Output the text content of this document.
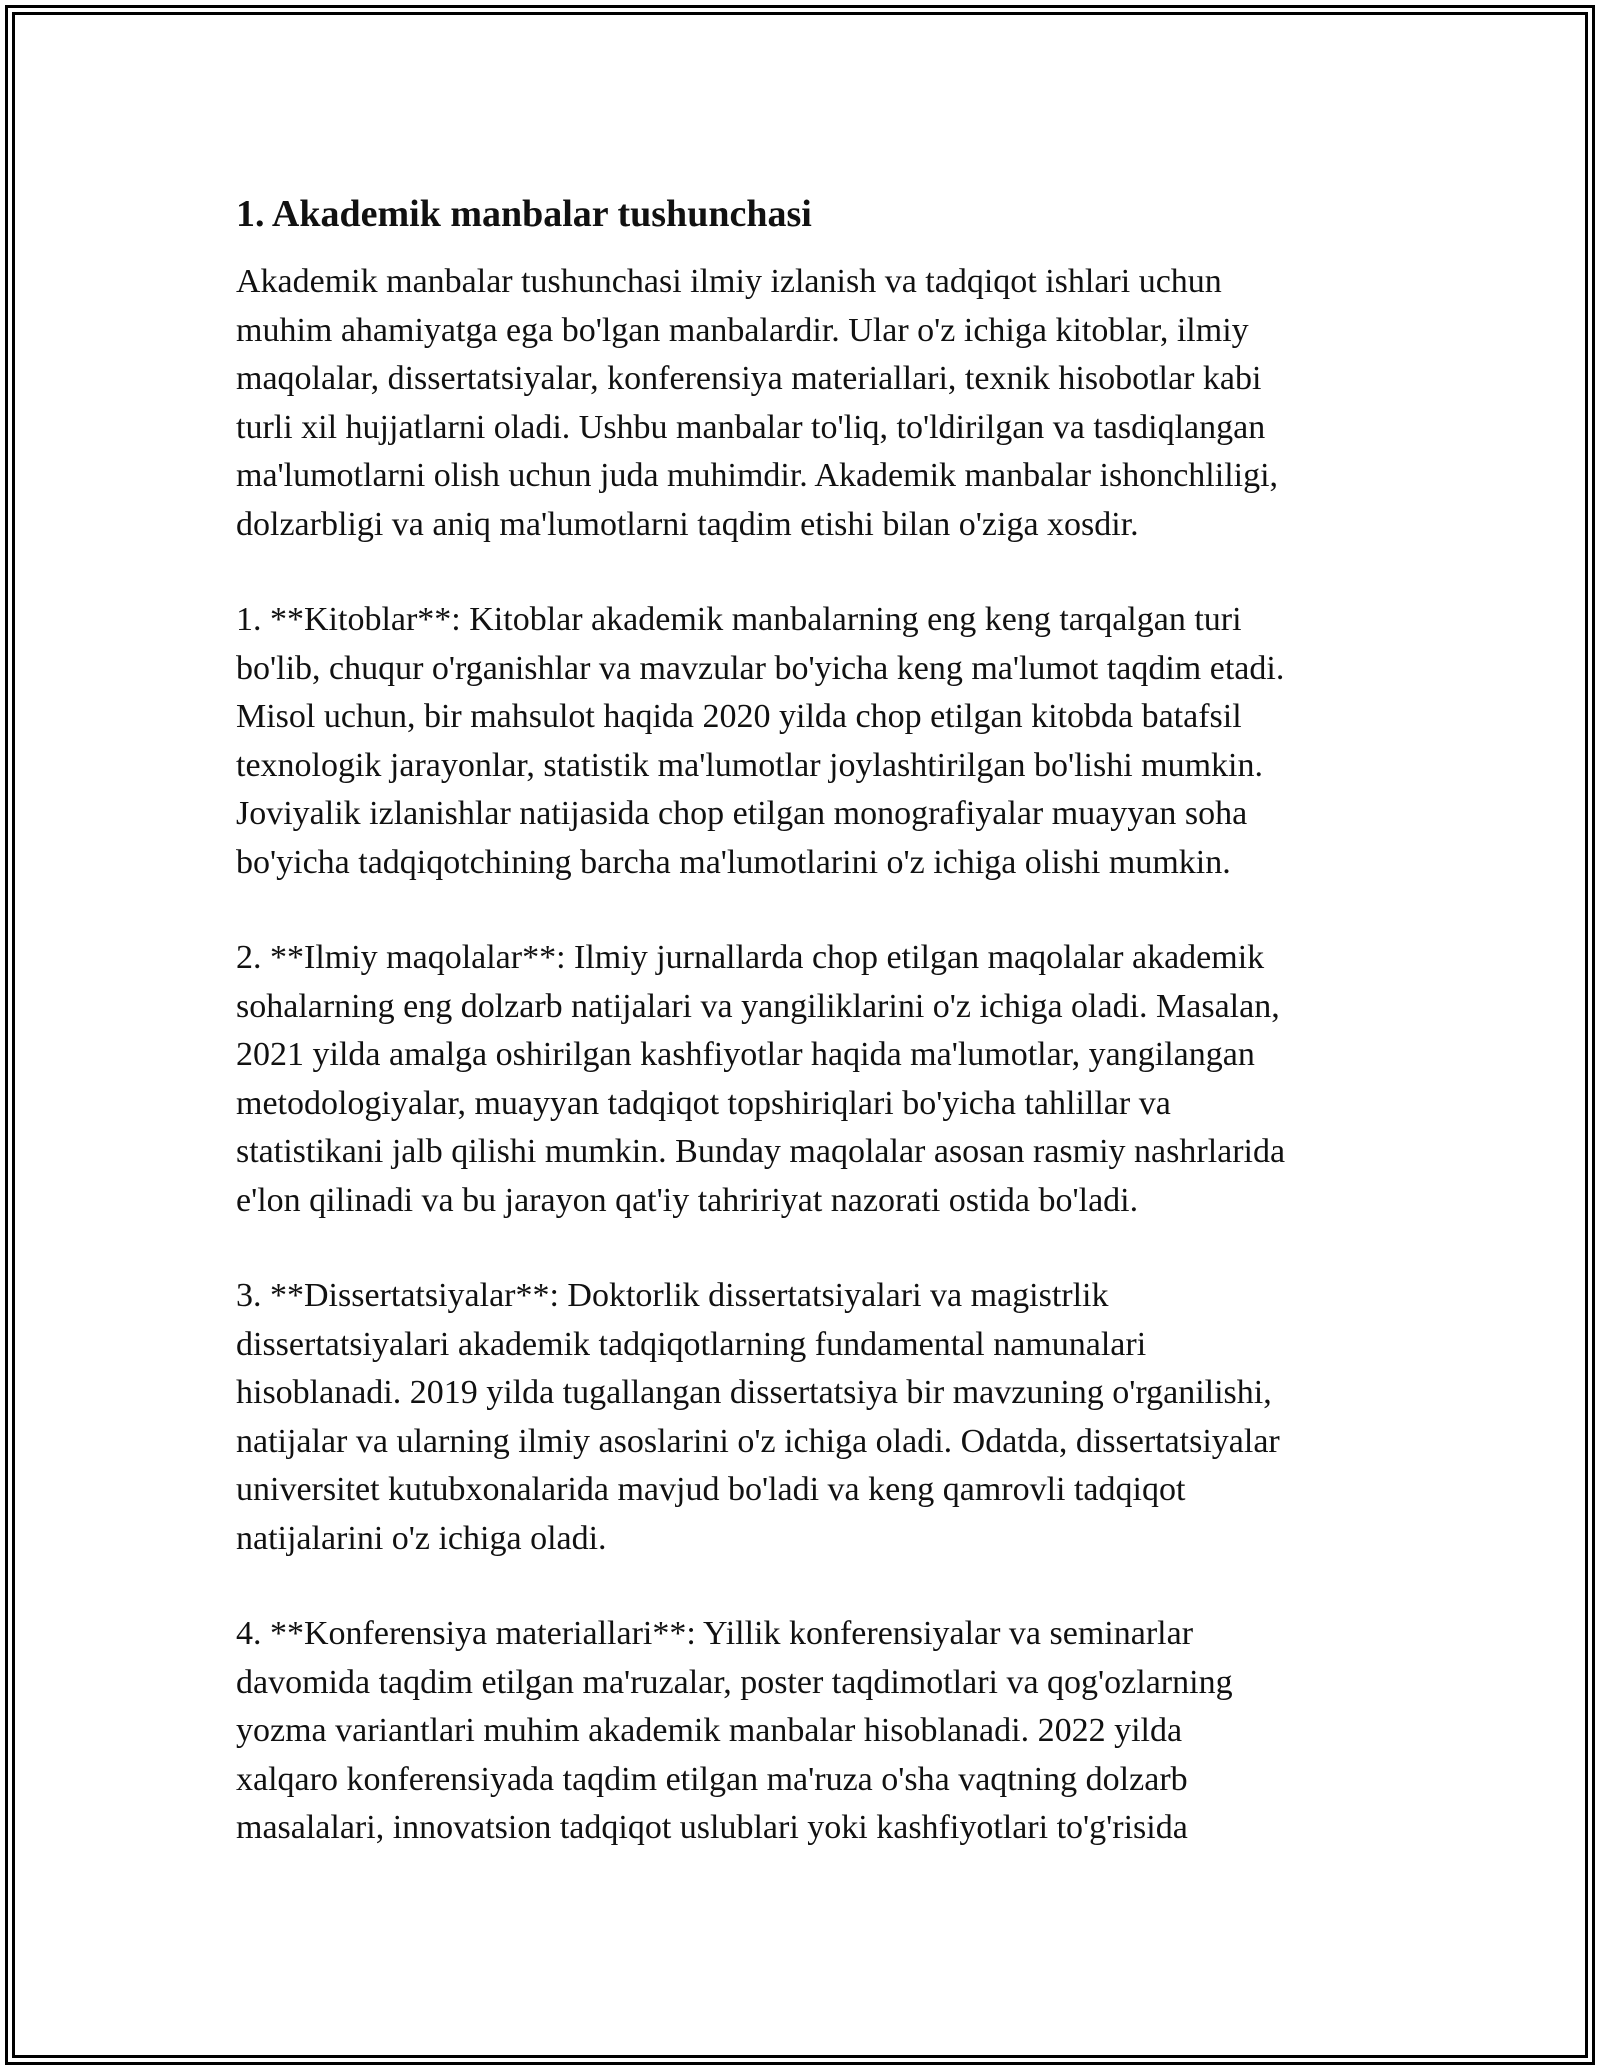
1. Akademik manbalar tushunchasi

Akademik manbalar tushunchasi ilmiy izlanish va tadqiqot ishlari uchun
muhim ahamiyatga ega bo'lgan manbalardir. Ular o'z ichiga kitoblar, ilmiy
maqolalar, dissertatsiyalar, konferensiya materiallari, texnik hisobotlar kabi
turli xil hujjatlarni oladi. Ushbu manbalar to'liq, to'ldirilgan va tasdiqlangan
ma'lumotlarni olish uchun juda muhimdir. Akademik manbalar ishonchliligi,
dolzarbligi va aniq ma'lumotlarni taqdim etishi bilan o'ziga xosdir.

1. **Kitoblar**: Kitoblar akademik manbalarning eng keng tarqalgan turi
bo'lib, chuqur o'rganishlar va mavzular bo'yicha keng ma'lumot taqdim etadi.
Misol uchun, bir mahsulot haqida 2020 yilda chop etilgan kitobda batafsil
texnologik jarayonlar, statistik ma'lumotlar joylashtirilgan bo'lishi mumkin.
Joviyalik izlanishlar natijasida chop etilgan monografiyalar muayyan soha
bo'yicha tadqiqotchining barcha ma'lumotlarini o'z ichiga olishi mumkin.

2. **Ilmiy maqolalar**: Ilmiy jurnallarda chop etilgan maqolalar akademik
sohalarning eng dolzarb natijalari va yangiliklarini o'z ichiga oladi. Masalan,
2021 yilda amalga oshirilgan kashfiyotlar haqida ma'lumotlar, yangilangan
metodologiyalar, muayyan tadqiqot topshiriqlari bo'yicha tahlillar va
statistikani jalb qilishi mumkin. Bunday maqolalar asosan rasmiy nashrlarida
e'lon qilinadi va bu jarayon qat'iy tahririyat nazorati ostida bo'ladi.

3. **Dissertatsiyalar**: Doktorlik dissertatsiyalari va magistrlik
dissertatsiyalari akademik tadqiqotlarning fundamental namunalari
hisoblanadi. 2019 yilda tugallangan dissertatsiya bir mavzuning o'rganilishi,
natijalar va ularning ilmiy asoslarini o'z ichiga oladi. Odatda, dissertatsiyalar
universitet kutubxonalarida mavjud bo'ladi va keng qamrovli tadqiqot
natijalarini o'z ichiga oladi.

4. **Konferensiya materiallari**: Yillik konferensiyalar va seminarlar
davomida taqdim etilgan ma'ruzalar, poster taqdimotlari va qog'ozlarning
yozma variantlari muhim akademik manbalar hisoblanadi. 2022 yilda
xalqaro konferensiyada taqdim etilgan ma'ruza o'sha vaqtning dolzarb
masalalari, innovatsion tadqiqot uslublari yoki kashfiyotlari to'g'risida
